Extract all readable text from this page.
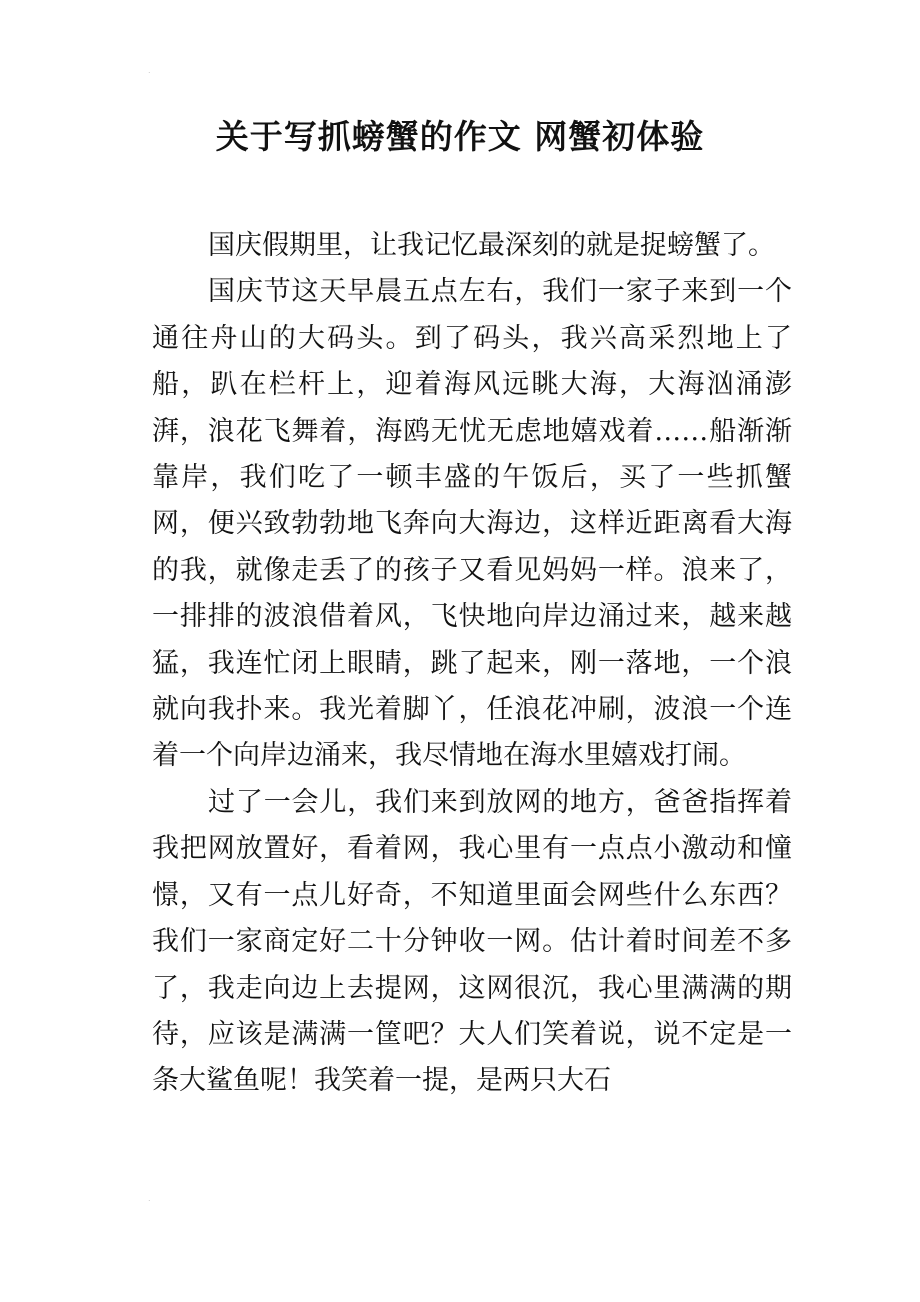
.
关于写抓螃蟹的作文 网蟹初体验

国庆假期里，让我记忆最深刻的就是捉螃蟹了。

国庆节这天早晨五点左右，我们一家子来到一个通往舟山的大码头。到了码头，我兴高采烈地上了船，趴在栏杆上，迎着海风远眺大海，大海汹涌澎湃，浪花飞舞着，海鸥无忧无虑地嬉戏着……船渐渐靠岸，我们吃了一顿丰盛的午饭后，买了一些抓蟹网，便兴致勃勃地飞奔向大海边，这样近距离看大海的我，就像走丢了的孩子又看见妈妈一样。浪来了，一排排的波浪借着风，飞快地向岸边涌过来，越来越猛，我连忙闭上眼睛，跳了起来，刚一落地，一个浪就向我扑来。我光着脚丫，任浪花冲刷，波浪一个连着一个向岸边涌来，我尽情地在海水里嬉戏打闹。

过了一会儿，我们来到放网的地方，爸爸指挥着我把网放置好，看着网，我心里有一点点小激动和憧憬，又有一点儿好奇，不知道里面会网些什么东西？我们一家商定好二十分钟收一网。估计着时间差不多了，我走向边上去提网，这网很沉，我心里满满的期待，应该是满满一筐吧？大人们笑着说，说不定是一条大鲨鱼呢！我笑着一提，是两只大石

.
